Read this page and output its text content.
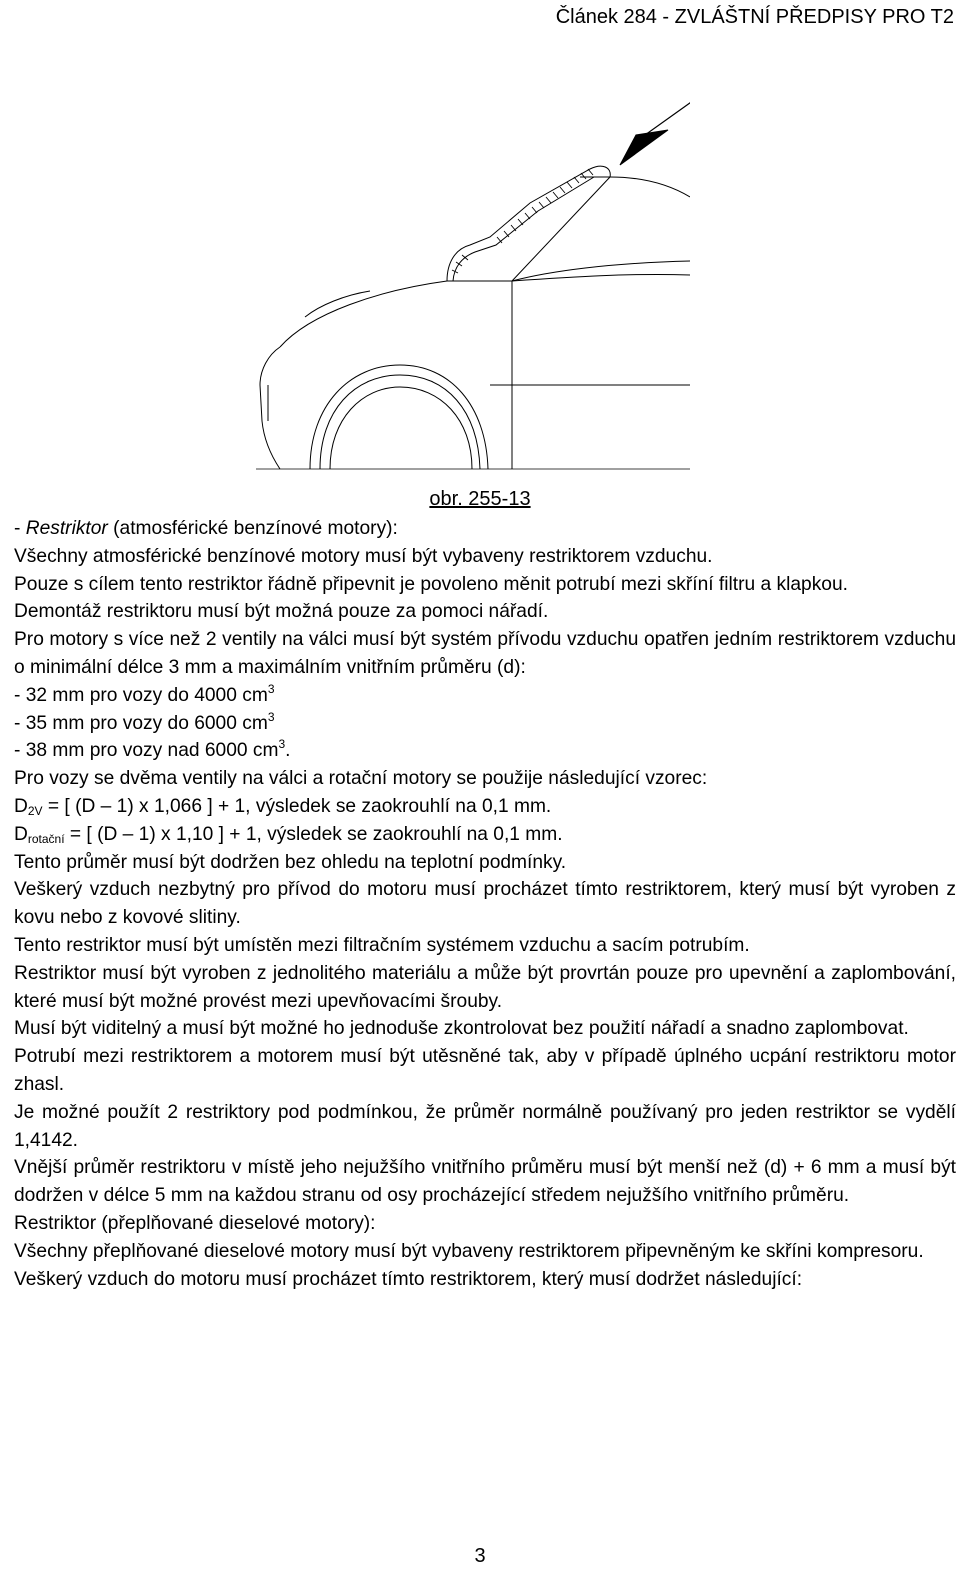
Článek 284 - ZVLÁŠTNÍ PŘEDPISY PRO T2
obr. 255-13

- Restriktor (atmosférické benzínové motory):

Všechny atmosférické benzínové motory musí být vybaveny restriktorem vzduchu.

Pouze s cílem tento restriktor řádně připevnit je povoleno měnit potrubí mezi skříní filtru a klapkou.

Demontáž restriktoru musí být možná pouze za pomoci nářadí.

Pro motory s více než 2 ventily na válci musí být systém přívodu vzduchu opatřen jedním restriktorem vzduchu o minimální délce 3 mm a maximálním vnitřním průměru (d):

- 32 mm pro vozy do 4000 $cm^3$

- 35 mm pro vozy do 6000 $cm^3$

- 38 mm pro vozy nad 6000 $cm^3$.

Pro vozy se dvěma ventily na válci a rotační motory se použije následující vzorec:

$D_{2V}$ = [ (D – 1) x 1,066 ] + 1, výsledek se zaokrouhlí na 0,1 mm.

$D_{rotační}$ = [ (D – 1) x 1,10 ] + 1, výsledek se zaokrouhlí na 0,1 mm.

Tento průměr musí být dodržen bez ohledu na teplotní podmínky.

Veškerý vzduch nezbytný pro přívod do motoru musí procházet tímto restriktorem, který musí být vyroben z kovu nebo z kovové slitiny.

Tento restriktor musí být umístěn mezi filtračním systémem vzduchu a sacím potrubím.

Restriktor musí být vyroben z jednolitého materiálu a může být provrtán pouze pro upevnění a zaplombování, které musí být možné provést mezi upevňovacími šrouby.

Musí být viditelný a musí být možné ho jednoduše zkontrolovat bez použití nářadí a snadno zaplombovat.

Potrubí mezi restriktorem a motorem musí být utěsněné tak, aby v případě úplného ucpání restriktoru motor zhasl.

Je možné použít 2 restriktory pod podmínkou, že průměr normálně používaný pro jeden restriktor se vydělí 1,4142.

Vnější průměr restriktoru v místě jeho nejužšího vnitřního průměru musí být menší než (d) + 6 mm a musí být dodržen v délce 5 mm na každou stranu od osy procházející středem nejužšího vnitřního průměru.

Restriktor (přeplňované dieselové motory):

Všechny přeplňované dieselové motory musí být vybaveny restriktorem připevněným ke skříni kompresoru.

Veškerý vzduch do motoru musí procházet tímto restriktorem, který musí dodržet následující:

3
